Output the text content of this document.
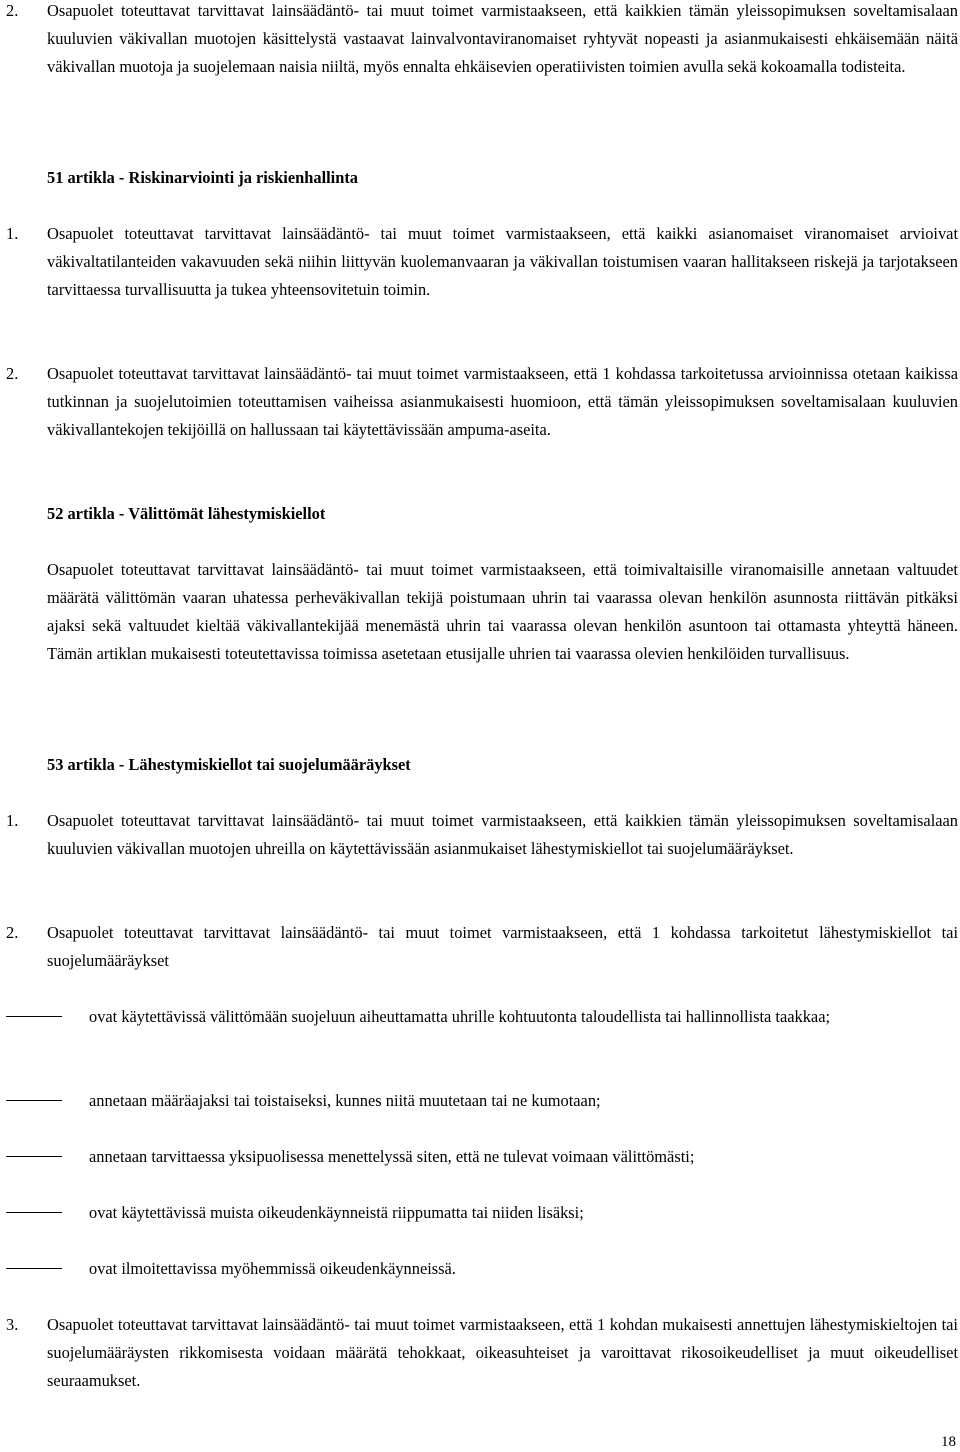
2. Osapuolet toteuttavat tarvittavat lainsäädäntö- tai muut toimet varmistaakseen, että kaikkien tämän yleissopimuksen soveltamisalaan kuuluvien väkivallan muotojen käsittelystä vastaavat lainvalvontaviranomaiset ryhtyvät nopeasti ja asianmukaisesti ehkäisemään näitä väkivallan muotoja ja suojelemaan naisia niiltä, myös ennalta ehkäisevien operatiivisten toimien avulla sekä kokoamalla todisteita.
51 artikla - Riskinarviointi ja riskienhallinta
1. Osapuolet toteuttavat tarvittavat lainsäädäntö- tai muut toimet varmistaakseen, että kaikki asianomaiset viranomaiset arvioivat väkivaltatilanteiden vakavuuden sekä niihin liittyvän kuolemanvaaran ja väkivallan toistumisen vaaran hallitakseen riskejä ja tarjotakseen tarvittaessa turvallisuutta ja tukea yhteensovitetuin toimin.
2. Osapuolet toteuttavat tarvittavat lainsäädäntö- tai muut toimet varmistaakseen, että 1 kohdassa tarkoitetussa arvioinnissa otetaan kaikissa tutkinnan ja suojelutoimien toteuttamisen vaiheissa asianmukaisesti huomioon, että tämän yleissopimuksen soveltamisalaan kuuluvien väkivallantekojen tekijöillä on hallussaan tai käytettävissään ampuma-aseita.
52 artikla - Välittömät lähestymiskiellot
Osapuolet toteuttavat tarvittavat lainsäädäntö- tai muut toimet varmistaakseen, että toimivaltaisille viranomaisille annetaan valtuudet määrätä välittömän vaaran uhatessa perheväkivallan tekijä poistumaan uhrin tai vaarassa olevan henkilön asunnosta riittävän pitkäksi ajaksi sekä valtuudet kieltää väkivallantekijää menemästä uhrin tai vaarassa olevan henkilön asuntoon tai ottamasta yhteyttä häneen. Tämän artiklan mukaisesti toteutettavissa toimissa asetetaan etusijalle uhrien tai vaarassa olevien henkilöiden turvallisuus.
53 artikla - Lähestymiskiellot tai suojelumääräykset
1. Osapuolet toteuttavat tarvittavat lainsäädäntö- tai muut toimet varmistaakseen, että kaikkien tämän yleissopimuksen soveltamisalaan kuuluvien väkivallan muotojen uhreilla on käytettävissään asianmukaiset lähestymiskiellot tai suojelumääräykset.
2. Osapuolet toteuttavat tarvittavat lainsäädäntö- tai muut toimet varmistaakseen, että 1 kohdassa tarkoitetut lähestymiskiellot tai suojelumääräykset
ovat käytettävissä välittömään suojeluun aiheuttamatta uhrille kohtuutonta taloudellista tai hallinnollista taakkaa;
annetaan määräajaksi tai toistaiseksi, kunnes niitä muutetaan tai ne kumotaan;
annetaan tarvittaessa yksipuolisessa menettelyssä siten, että ne tulevat voimaan välittömästi;
ovat käytettävissä muista oikeudenkäynneistä riippumatta tai niiden lisäksi;
ovat ilmoitettavissa myöhemmissä oikeudenkäynneissä.
3. Osapuolet toteuttavat tarvittavat lainsäädäntö- tai muut toimet varmistaakseen, että 1 kohdan mukaisesti annettujen lähestymiskieltojen tai suojelumääräysten rikkomisesta voidaan määrätä tehokkaat, oikeasuhteiset ja varoittavat rikosoikeudelliset ja muut oikeudelliset seuraamukset.
18
